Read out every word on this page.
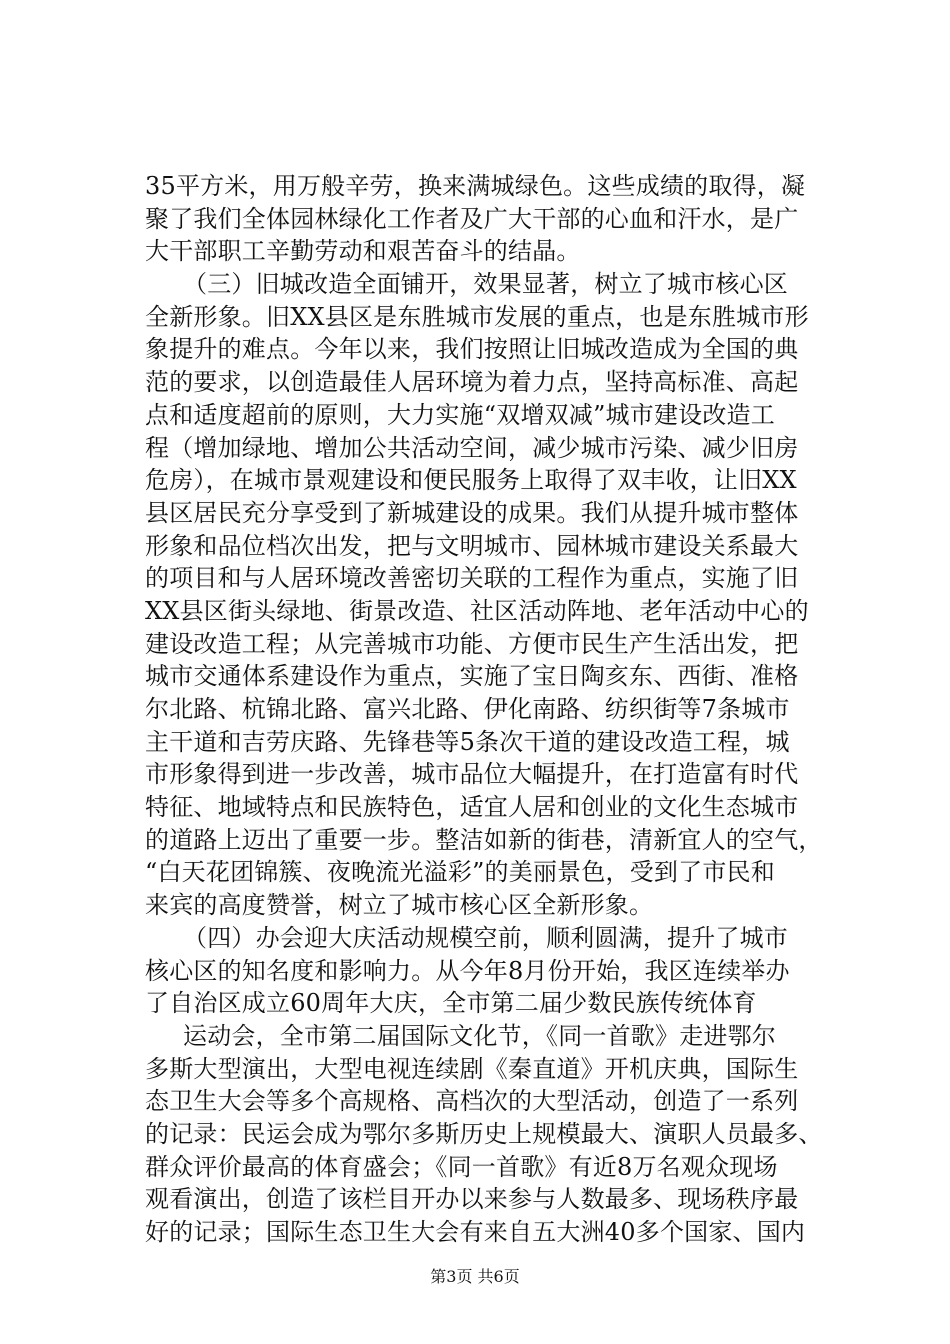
35平方米，用万般辛劳，换来满城绿色。这些成绩的取得，凝
聚了我们全体园林绿化工作者及广大干部的心血和汗水，是广
大干部职工辛勤劳动和艰苦奋斗的结晶。
（三）旧城改造全面铺开，效果显著，树立了城市核心区
全新形象。旧XX县区是东胜城市发展的重点，也是东胜城市形
象提升的难点。今年以来，我们按照让旧城改造成为全国的典
范的要求，以创造最佳人居环境为着力点，坚持高标准、高起
点和适度超前的原则，大力实施“双增双减”城市建设改造工
程（增加绿地、增加公共活动空间，减少城市污染、减少旧房
危房），在城市景观建设和便民服务上取得了双丰收，让旧XX
县区居民充分享受到了新城建设的成果。我们从提升城市整体
形象和品位档次出发，把与文明城市、园林城市建设关系最大
的项目和与人居环境改善密切关联的工程作为重点，实施了旧
XX县区街头绿地、街景改造、社区活动阵地、老年活动中心的
建设改造工程；从完善城市功能、方便市民生产生活出发，把
城市交通体系建设作为重点，实施了宝日陶亥东、西街、准格
尔北路、杭锦北路、富兴北路、伊化南路、纺织街等7条城市
主干道和吉劳庆路、先锋巷等5条次干道的建设改造工程，城
市形象得到进一步改善，城市品位大幅提升，在打造富有时代
特征、地域特点和民族特色，适宜人居和创业的文化生态城市
的道路上迈出了重要一步。整洁如新的街巷，清新宜人的空气，
“白天花团锦簇、夜晚流光溢彩”的美丽景色，受到了市民和
来宾的高度赞誉，树立了城市核心区全新形象。
（四）办会迎大庆活动规模空前，顺利圆满，提升了城市
核心区的知名度和影响力。从今年8月份开始，我区连续举办
了自治区成立60周年大庆，全市第二届少数民族传统体育
运动会，全市第二届国际文化节，《同一首歌》走进鄂尔
多斯大型演出，大型电视连续剧《秦直道》开机庆典，国际生
态卫生大会等多个高规格、高档次的大型活动，创造了一系列
的记录：民运会成为鄂尔多斯历史上规模最大、演职人员最多、
群众评价最高的体育盛会；《同一首歌》有近8万名观众现场
观看演出，创造了该栏目开办以来参与人数最多、现场秩序最
好的记录；国际生态卫生大会有来自五大洲40多个国家、国内
第3页 共6页
